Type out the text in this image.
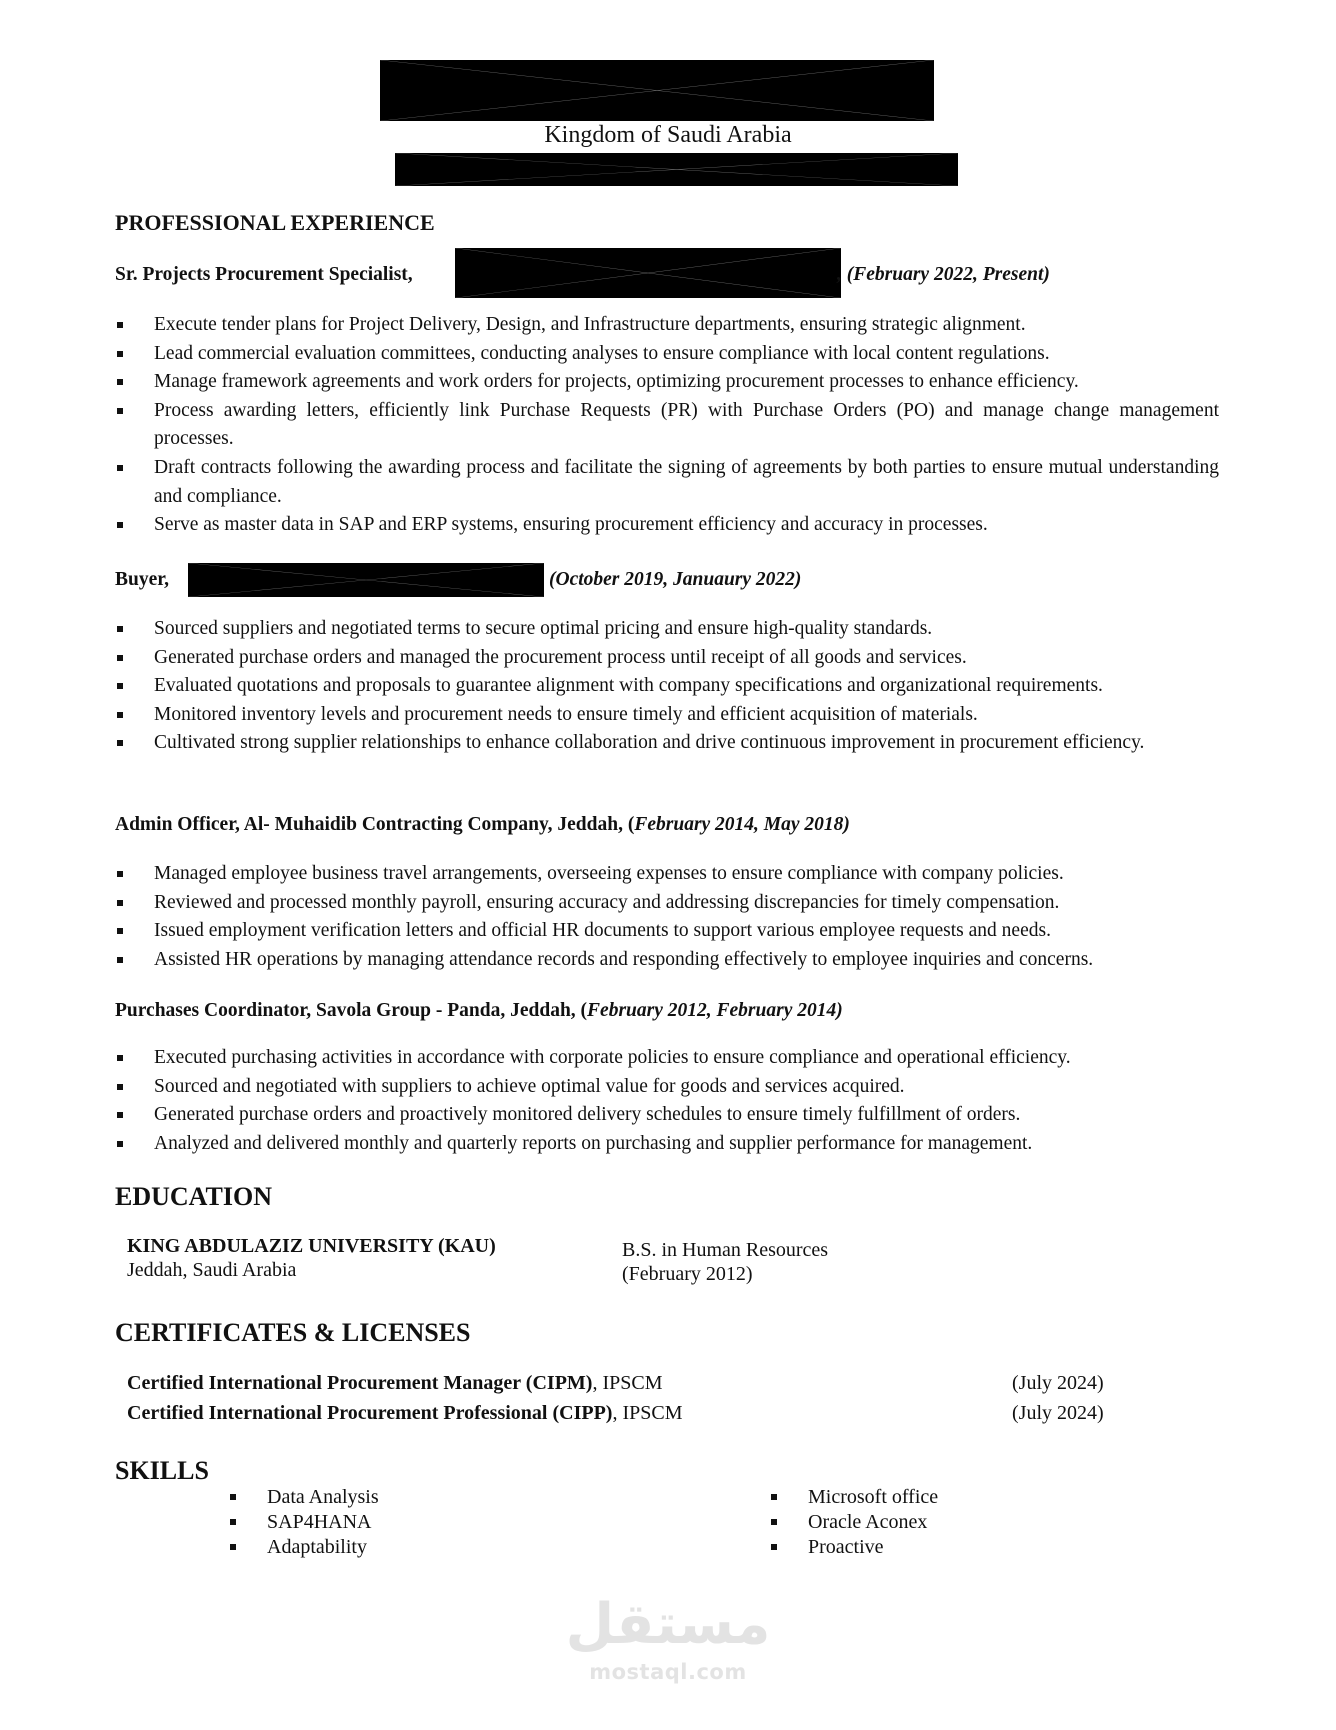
Kingdom of Saudi Arabia
PROFESSIONAL EXPERIENCE
Sr. Projects Procurement Specialist,	, (February 2022, Present)
Execute tender plans for Project Delivery, Design, and Infrastructure departments, ensuring strategic alignment.
Lead commercial evaluation committees, conducting analyses to ensure compliance with local content regulations.
Manage framework agreements and work orders for projects, optimizing procurement processes to enhance efficiency.
Process awarding letters, efficiently link Purchase Requests (PR) with Purchase Orders (PO) and manage change management processes.
Draft contracts following the awarding process and facilitate the signing of agreements by both parties to ensure mutual understanding and compliance.
Serve as master data in SAP and ERP systems, ensuring procurement efficiency and accuracy in processes.
Buyer,	(October 2019, Januaury 2022)
Sourced suppliers and negotiated terms to secure optimal pricing and ensure high-quality standards.
Generated purchase orders and managed the procurement process until receipt of all goods and services.
Evaluated quotations and proposals to guarantee alignment with company specifications and organizational requirements.
Monitored inventory levels and procurement needs to ensure timely and efficient acquisition of materials.
Cultivated strong supplier relationships to enhance collaboration and drive continuous improvement in procurement efficiency.
Admin Officer, Al- Muhaidib Contracting Company, Jeddah, (February 2014, May 2018)
Managed employee business travel arrangements, overseeing expenses to ensure compliance with company policies.
Reviewed and processed monthly payroll, ensuring accuracy and addressing discrepancies for timely compensation.
Issued employment verification letters and official HR documents to support various employee requests and needs.
Assisted HR operations by managing attendance records and responding effectively to employee inquiries and concerns.
Purchases Coordinator, Savola Group - Panda, Jeddah, (February 2012, February 2014)
Executed purchasing activities in accordance with corporate policies to ensure compliance and operational efficiency.
Sourced and negotiated with suppliers to achieve optimal value for goods and services acquired.
Generated purchase orders and proactively monitored delivery schedules to ensure timely fulfillment of orders.
Analyzed and delivered monthly and quarterly reports on purchasing and supplier performance for management.
EDUCATION
KING ABDULAZIZ UNIVERSITY (KAU)
Jeddah, Saudi Arabia
B.S. in Human Resources
(February 2012)
CERTIFICATES & LICENSES
Certified International Procurement Manager (CIPM), IPSCM	(July 2024)
Certified International Procurement Professional (CIPP), IPSCM	(July 2024)
SKILLS
Data Analysis
SAP4HANA
Adaptability
Microsoft office
Oracle Aconex
Proactive
مستقل
mostaql.com
